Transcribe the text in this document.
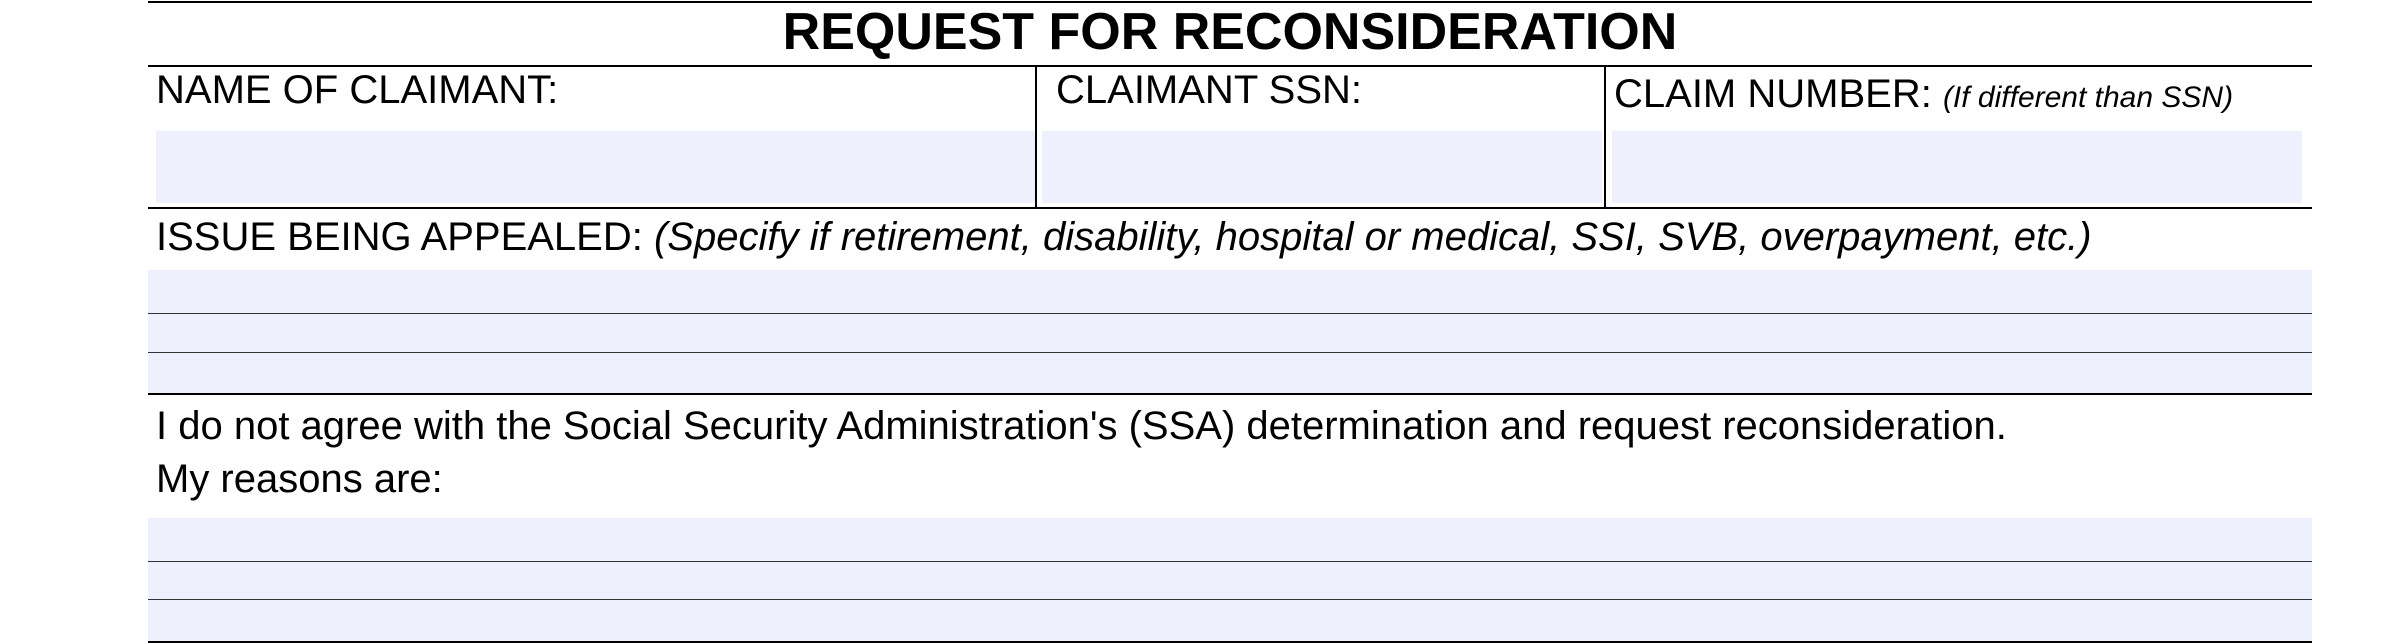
REQUEST FOR RECONSIDERATION
NAME OF CLAIMANT:	CLAIMANT SSN:	CLAIM NUMBER: (If different than SSN)
ISSUE BEING APPEALED: (Specify if retirement, disability, hospital or medical, SSI, SVB, overpayment, etc.)
I do not agree with the Social Security Administration's (SSA) determination and request reconsideration.
My reasons are:
